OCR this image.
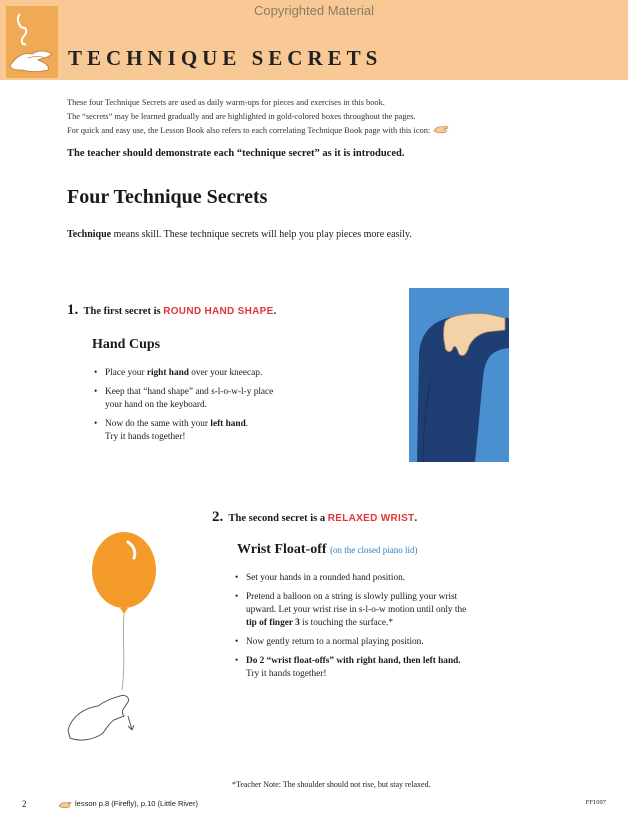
Copyrighted Material
TECHNIQUE SECRETS
These four Technique Secrets are used as daily warm-ups for pieces and exercises in this book.
The “secrets” may be learned gradually and are highlighted in gold-colored boxes throughout the pages.
For quick and easy use, the Lesson Book also refers to each correlating Technique Book page with this icon:
The teacher should demonstrate each “technique secret” as it is introduced.
Four Technique Secrets
Technique means skill. These technique secrets will help you play pieces more easily.
1. The first secret is ROUND HAND SHAPE.
Hand Cups
• Place your right hand over your kneecap.
• Keep that “hand shape” and s-l-o-w-l-y place
your hand on the keyboard.
• Now do the same with your left hand.
Try it hands together!
2. The second secret is a RELAXED WRIST.
Wrist Float-off (on the closed piano lid)
• Set your hands in a rounded hand position.
• Pretend a balloon on a string is slowly pulling your wrist
upward. Let your wrist rise in s-l-o-w motion until only the
tip of finger 3 is touching the surface.*
• Now gently return to a normal playing position.
• Do 2 “wrist float-offs” with right hand, then left hand.
Try it hands together!
*Teacher Note: The shoulder should not rise, but stay relaxed.
2	lesson p.8 (Firefly), p.10 (Little River)	FF1097
